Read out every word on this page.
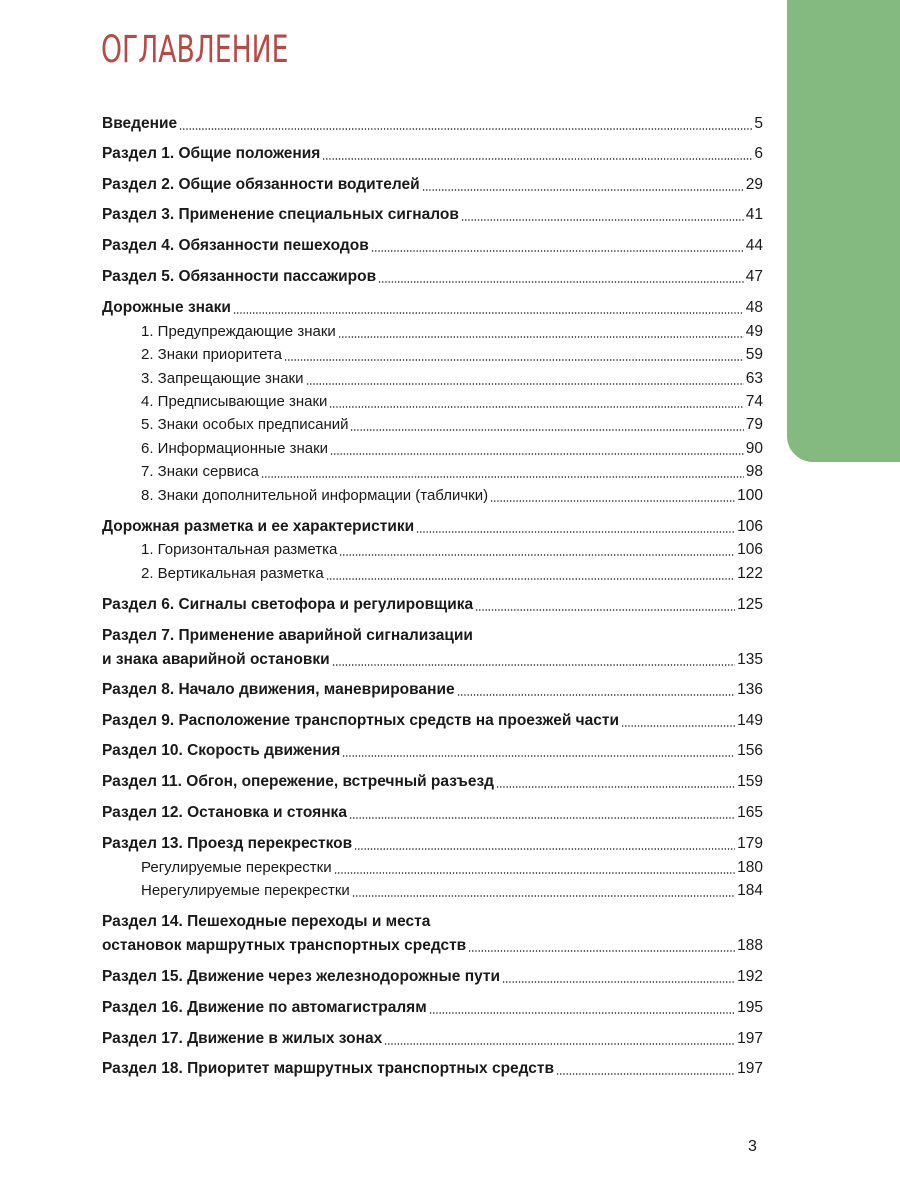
ОГЛАВЛЕНИЕ
Введение	5
Раздел 1. Общие положения	6
Раздел 2. Общие обязанности водителей	29
Раздел 3. Применение специальных сигналов	41
Раздел 4. Обязанности пешеходов	44
Раздел 5. Обязанности пассажиров	47
Дорожные знаки	48
1. Предупреждающие знаки	49
2. Знаки приоритета	59
3. Запрещающие знаки	63
4. Предписывающие знаки	74
5. Знаки особых предписаний	79
6. Информационные знаки	90
7. Знаки сервиса	98
8. Знаки дополнительной информации (таблички)	100
Дорожная разметка и ее характеристики	106
1. Горизонтальная разметка	106
2. Вертикальная разметка	122
Раздел 6. Сигналы светофора и регулировщика	125
Раздел 7. Применение аварийной сигнализации
и знака аварийной остановки	135
Раздел 8. Начало движения, маневрирование	136
Раздел 9. Расположение транспортных средств на проезжей части	149
Раздел 10. Скорость движения	156
Раздел 11. Обгон, опережение, встречный разъезд	159
Раздел 12. Остановка и стоянка	165
Раздел 13. Проезд перекрестков	179
Регулируемые перекрестки	180
Нерегулируемые перекрестки	184
Раздел 14. Пешеходные переходы и места
остановок маршрутных транспортных средств	188
Раздел 15. Движение через железнодорожные пути	192
Раздел 16. Движение по автомагистралям	195
Раздел 17. Движение в жилых зонах	197
Раздел 18. Приоритет маршрутных транспортных средств	197
3
